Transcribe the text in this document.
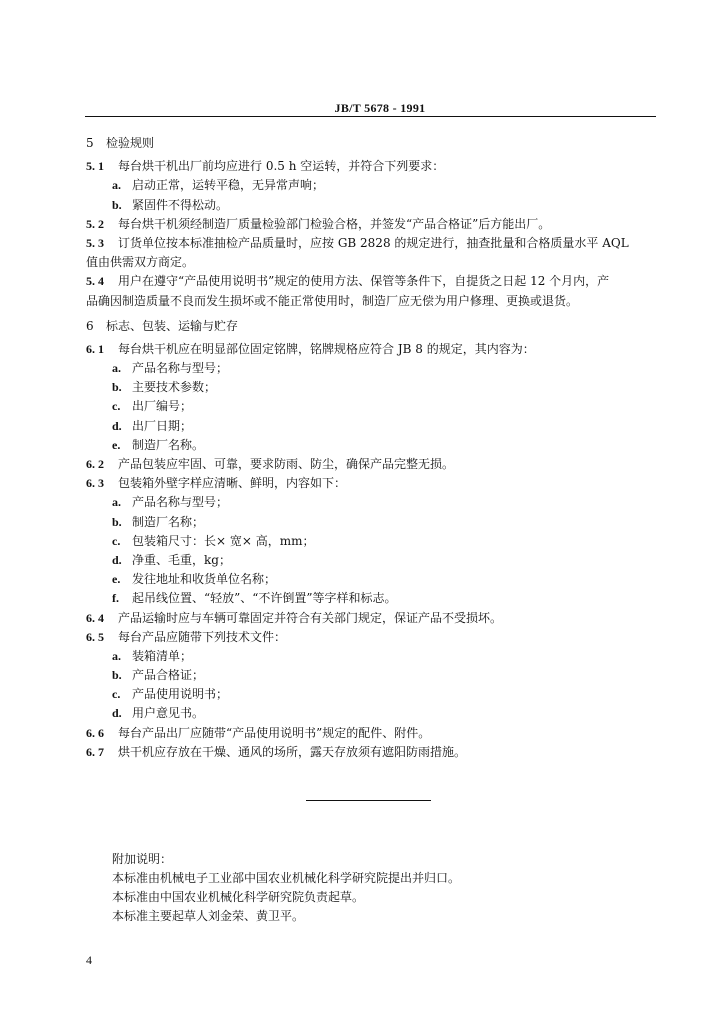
JB/T 5678 - 1991
5 检验规则
5. 1 每台烘干机出厂前均应进行 0.5 h 空运转，并符合下列要求：
a. 启动正常，运转平稳，无异常声响；
b. 紧固件不得松动。
5. 2 每台烘干机须经制造厂质量检验部门检验合格，并签发“产品合格证”后方能出厂。
5. 3 订货单位按本标准抽检产品质量时，应按 GB 2828 的规定进行，抽查批量和合格质量水平 AQL
值由供需双方商定。
5. 4 用户在遵守“产品使用说明书”规定的使用方法、保管等条件下，自提货之日起 12 个月内，产
品确因制造质量不良而发生损坏或不能正常使用时，制造厂应无偿为用户修理、更换或退货。
6 标志、包装、运输与贮存
6. 1 每台烘干机应在明显部位固定铭牌，铭牌规格应符合 JB 8 的规定，其内容为：
a. 产品名称与型号；
b. 主要技术参数；
c. 出厂编号；
d. 出厂日期；
e. 制造厂名称。
6. 2 产品包装应牢固、可靠，要求防雨、防尘，确保产品完整无损。
6. 3 包装箱外壁字样应清晰、鲜明，内容如下：
a. 产品名称与型号；
b. 制造厂名称；
c. 包装箱尺寸：长× 宽× 高，mm；
d. 净重、毛重，kg；
e. 发往地址和收货单位名称；
f. 起吊线位置、“轻放”、“不许倒置”等字样和标志。
6. 4 产品运输时应与车辆可靠固定并符合有关部门规定，保证产品不受损坏。
6. 5 每台产品应随带下列技术文件：
a. 装箱清单；
b. 产品合格证；
c. 产品使用说明书；
d. 用户意见书。
6. 6 每台产品出厂应随带“产品使用说明书”规定的配件、附件。
6. 7 烘干机应存放在干燥、通风的场所，露天存放须有遮阳防雨措施。
附加说明：
本标准由机械电子工业部中国农业机械化科学研究院提出并归口。
本标准由中国农业机械化科学研究院负责起草。
本标准主要起草人刘金荣、黄卫平。
4
